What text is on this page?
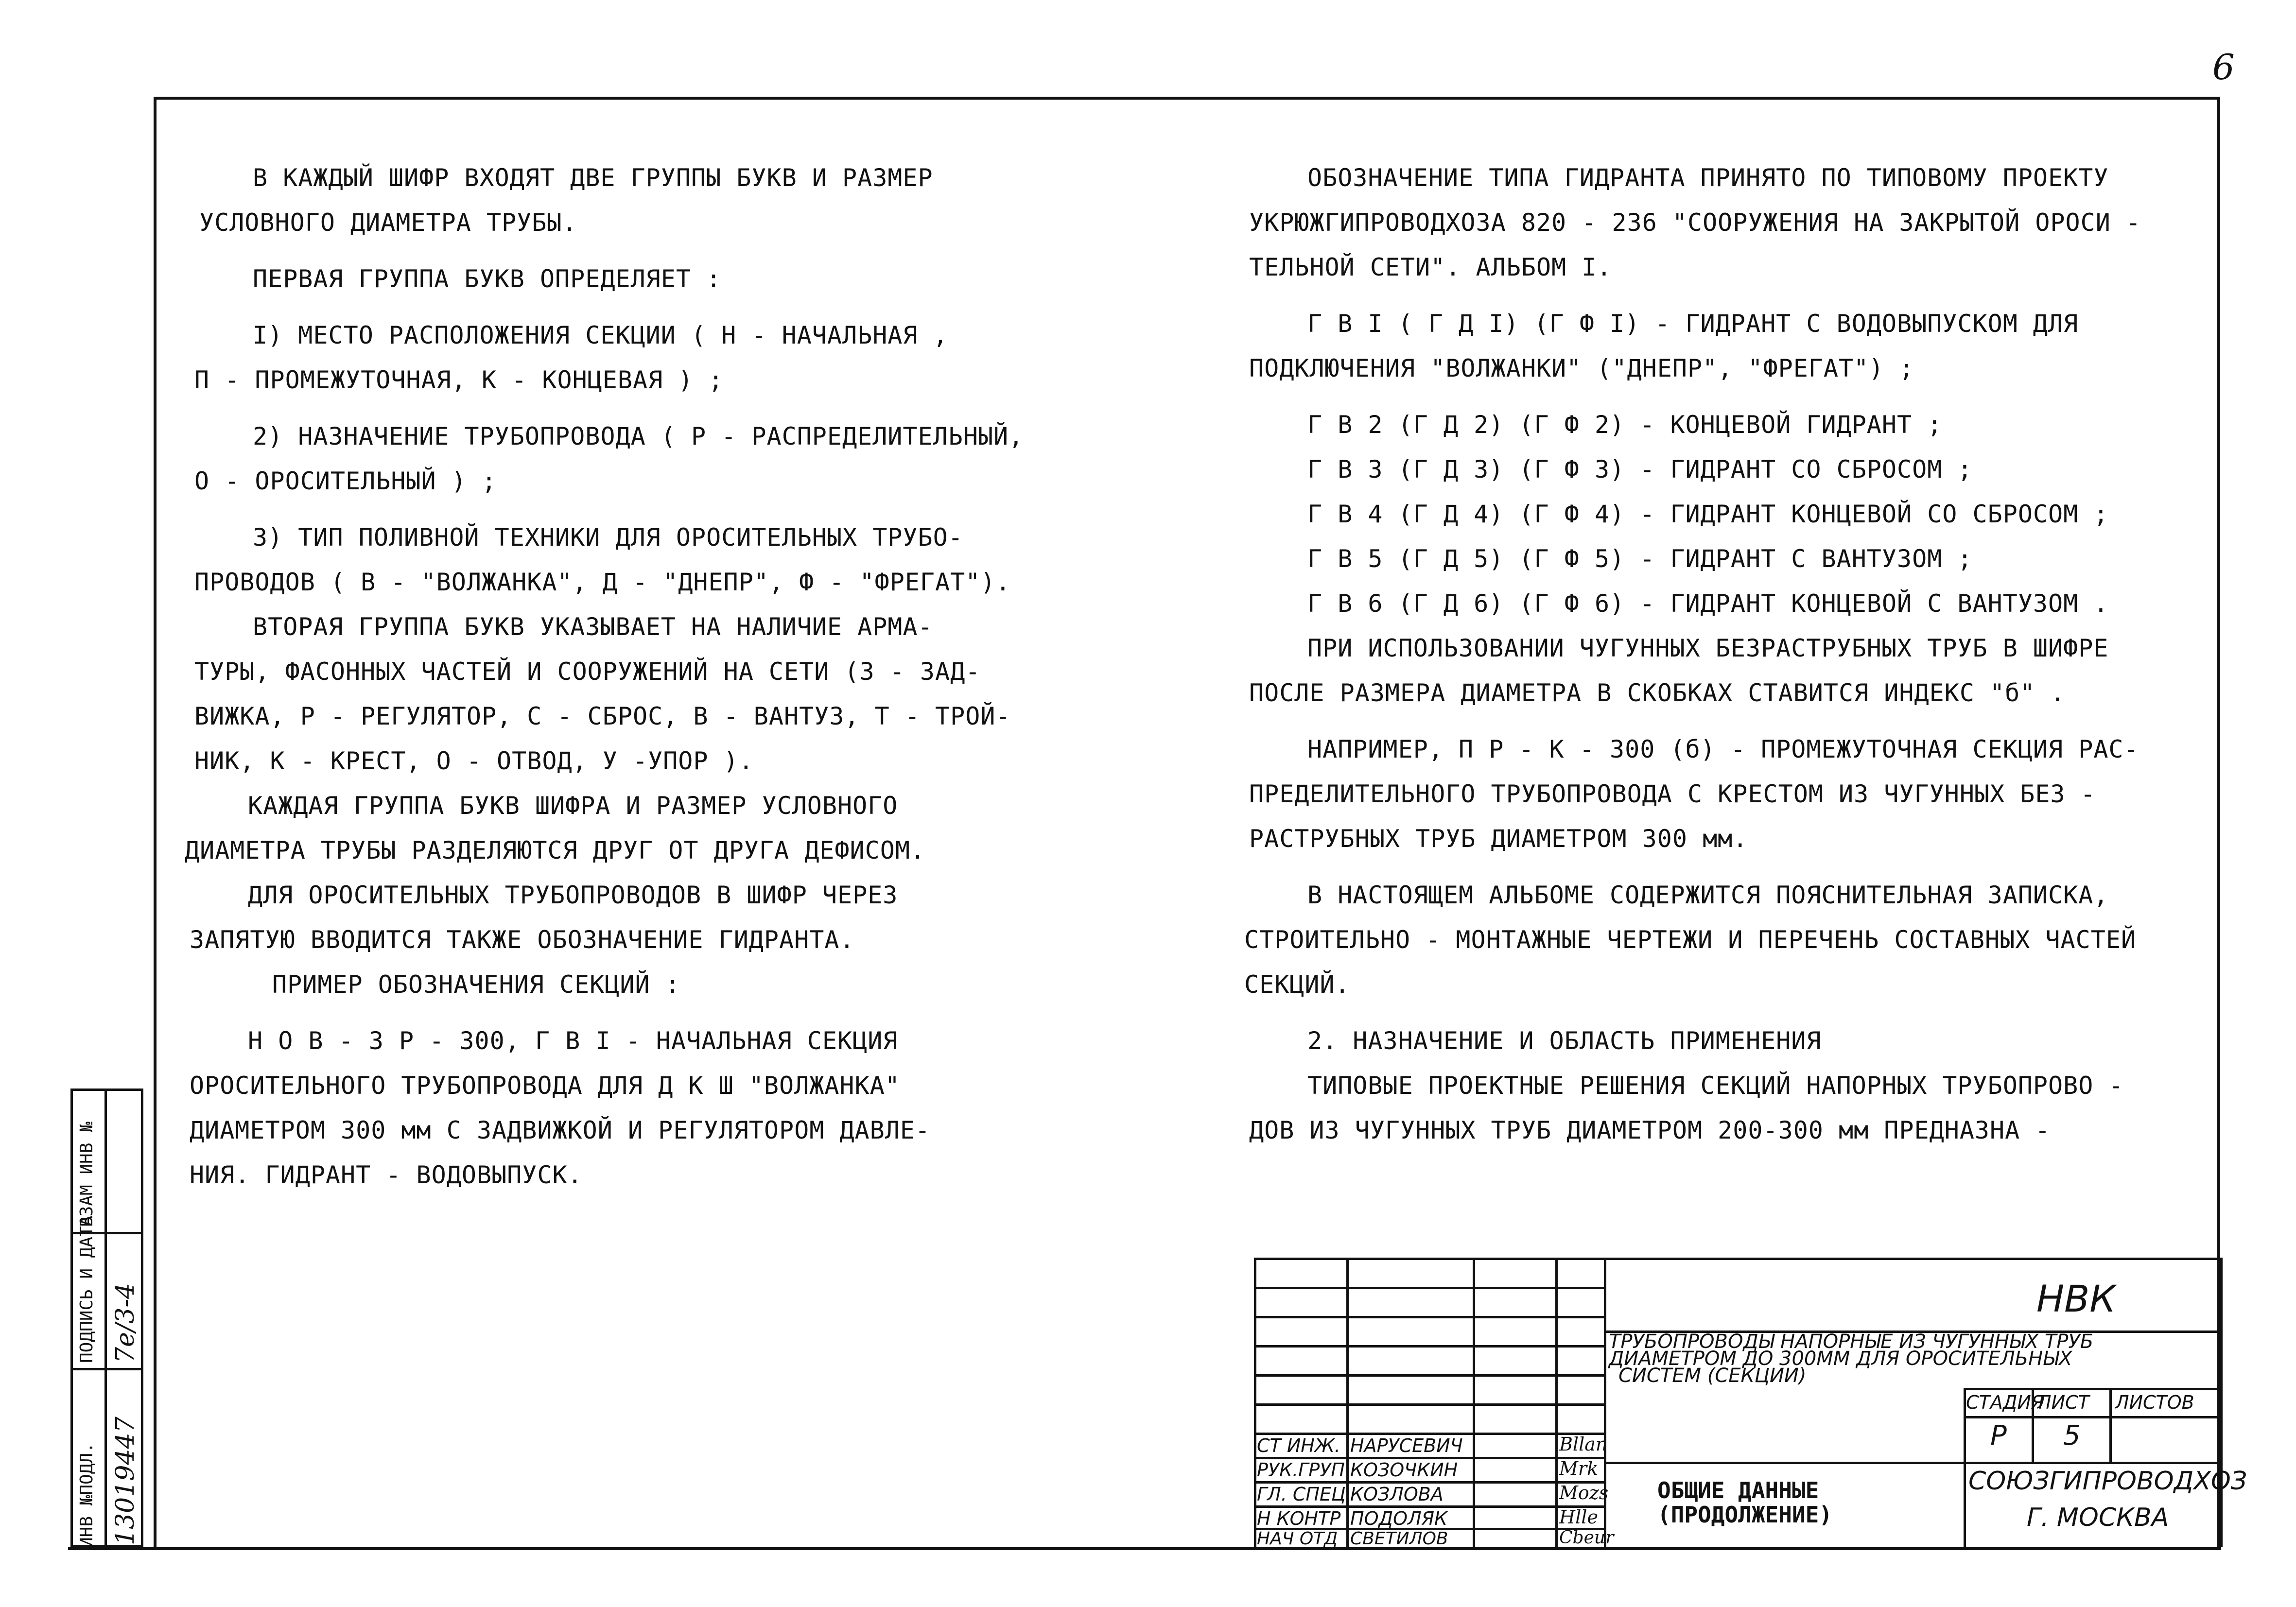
6

В КАЖДЫЙ ШИФР ВХОДЯТ ДВЕ ГРУППЫ БУКВ И РАЗМЕР

УСЛОВНОГО ДИАМЕТРА ТРУБЫ.

ПЕРВАЯ ГРУППА БУКВ ОПРЕДЕЛЯЕТ :

I) МЕСТО РАСПОЛОЖЕНИЯ СЕКЦИИ ( Н - НАЧАЛЬНАЯ ,

П - ПРОМЕЖУТОЧНАЯ, К - КОНЦЕВАЯ ) ;

2) НАЗНАЧЕНИЕ ТРУБОПРОВОДА ( Р - РАСПРЕДЕЛИТЕЛЬНЫЙ,

О - ОРОСИТЕЛЬНЫЙ ) ;

3) ТИП ПОЛИВНОЙ ТЕХНИКИ ДЛЯ ОРОСИТЕЛЬНЫХ ТРУБО-

ПРОВОДОВ ( В - "ВОЛЖАНКА", Д - "ДНЕПР", Ф - "ФРЕГАТ").

ВТОРАЯ ГРУППА БУКВ УКАЗЫВАЕТ НА НАЛИЧИЕ АРМА-

ТУРЫ, ФАСОННЫХ ЧАСТЕЙ И СООРУЖЕНИЙ НА СЕТИ (З - ЗАД-

ВИЖКА, Р - РЕГУЛЯТОР, С - СБРОС, В - ВАНТУЗ, Т - ТРОЙ-

НИК, К - КРЕСТ, О - ОТВОД, У -УПОР ).

КАЖДАЯ ГРУППА БУКВ ШИФРА И РАЗМЕР УСЛОВНОГО

ДИАМЕТРА ТРУБЫ РАЗДЕЛЯЮТСЯ ДРУГ ОТ ДРУГА ДЕФИСОМ.

ДЛЯ ОРОСИТЕЛЬНЫХ ТРУБОПРОВОДОВ В ШИФР ЧЕРЕЗ

ЗАПЯТУЮ ВВОДИТСЯ ТАКЖЕ ОБОЗНАЧЕНИЕ ГИДРАНТА.

ПРИМЕР ОБОЗНАЧЕНИЯ СЕКЦИЙ :

Н О В - З Р - 300, Г В I - НАЧАЛЬНАЯ СЕКЦИЯ

ОРОСИТЕЛЬНОГО ТРУБОПРОВОДА ДЛЯ Д К Ш "ВОЛЖАНКА"

ДИАМЕТРОМ 300 мм С ЗАДВИЖКОЙ И РЕГУЛЯТОРОМ ДАВЛЕ-

НИЯ. ГИДРАНТ - ВОДОВЫПУСК.

ОБОЗНАЧЕНИЕ ТИПА ГИДРАНТА ПРИНЯТО ПО ТИПОВОМУ ПРОЕКТУ

УКРЮЖГИПРОВОДХОЗА 820 - 236 "СООРУЖЕНИЯ НА ЗАКРЫТОЙ ОРОСИ -

ТЕЛЬНОЙ СЕТИ". АЛЬБОМ I.

Г В I ( Г Д I) (Г Ф I) - ГИДРАНТ С ВОДОВЫПУСКОМ ДЛЯ

ПОДКЛЮЧЕНИЯ "ВОЛЖАНКИ" ("ДНЕПР", "ФРЕГАТ") ;

Г В 2 (Г Д 2) (Г Ф 2) - КОНЦЕВОЙ ГИДРАНТ ;

Г В 3 (Г Д 3) (Г Ф 3) - ГИДРАНТ СО СБРОСОМ ;

Г В 4 (Г Д 4) (Г Ф 4) - ГИДРАНТ КОНЦЕВОЙ СО СБРОСОМ ;

Г В 5 (Г Д 5) (Г Ф 5) - ГИДРАНТ С ВАНТУЗОМ ;

Г В 6 (Г Д 6) (Г Ф 6) - ГИДРАНТ КОНЦЕВОЙ С ВАНТУЗОМ .

ПРИ ИСПОЛЬЗОВАНИИ ЧУГУННЫХ БЕЗРАСТРУБНЫХ ТРУБ В ШИФРЕ

ПОСЛЕ РАЗМЕРА ДИАМЕТРА В СКОБКАХ СТАВИТСЯ ИНДЕКС "б" .

НАПРИМЕР, П Р - К - 300 (б) - ПРОМЕЖУТОЧНАЯ СЕКЦИЯ РАС-

ПРЕДЕЛИТЕЛЬНОГО ТРУБОПРОВОДА С КРЕСТОМ ИЗ ЧУГУННЫХ БЕЗ -

РАСТРУБНЫХ ТРУБ ДИАМЕТРОМ 300 мм.

В НАСТОЯЩЕМ АЛЬБОМЕ СОДЕРЖИТСЯ ПОЯСНИТЕЛЬНАЯ ЗАПИСКА,

СТРОИТЕЛЬНО - МОНТАЖНЫЕ ЧЕРТЕЖИ И ПЕРЕЧЕНЬ СОСТАВНЫХ ЧАСТЕЙ

СЕКЦИЙ.

2. НАЗНАЧЕНИЕ И ОБЛАСТЬ ПРИМЕНЕНИЯ

ТИПОВЫЕ ПРОЕКТНЫЕ РЕШЕНИЯ СЕКЦИЙ НАПОРНЫХ ТРУБОПРОВО -

ДОВ ИЗ ЧУГУННЫХ ТРУБ ДИАМЕТРОМ 200-300 мм ПРЕДНАЗНА -

ИНВ №ПОДЛ.
ПОДПИСЬ И ДАТА
ВЗАМ ИНВ №
13019447
7е/3-4	НВК
ТРУБОПРОВОДЫ НАПОРНЫЕ ИЗ ЧУГУННЫХ ТРУБ
ДИАМЕТРОМ ДО 300ММ ДЛЯ ОРОСИТЕЛЬНЫХ
СИСТЕМ (СЕКЦИИ)
СТАДИЯ
ЛИСТ ЛИСТОВ
Р 5
ОБЩИЕ ДАННЫЕ
(ПРОДОЛЖЕНИЕ)
СОЮЗГИПРОВОДХОЗ
Г. МОСКВА
СТ ИНЖ. НАРУСЕВИЧ	Bllan
РУК.ГРУП КОЗОЧКИН	Mrk
ГЛ. СПЕЦ КОЗЛОВА	Mozs
Н КОНТР ПОДОЛЯК	Hlle
НАЧ ОТД СВЕТИЛОВ	Cbeur
